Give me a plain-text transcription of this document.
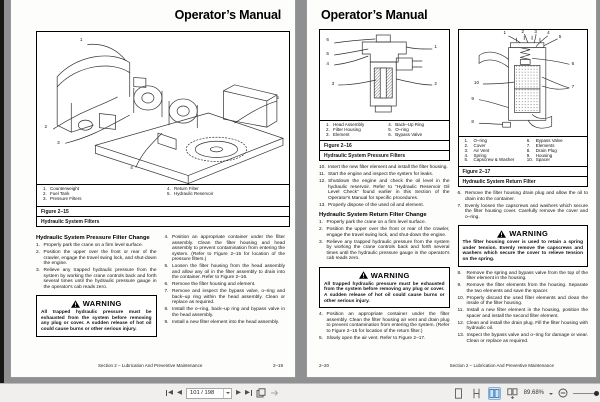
Operator’s Manual
1
2
3
4
5
1. Counterweight
2. Fuel Tank
3. Pressure Filters
4. Return Filter
5. Hydraulic Reservoir
Figure 2–15
Hydraulic System Filters
Hydraulic System Pressure Filter Change
1. Properly park the crane on a firm level surface.
2. Position the upper over the front or rear of the crawler, engage the travel swing lock, and shut-down the engine.
3. Relieve any trapped hydraulic pressure from the system by working the crane controls back and forth several times until the hydraulic pressure gauge in the operator's cab reads zero.
WARNING

All trapped hydraulic pressure must be exhausted from the system before removing any plug or cover. A sudden release of hot oil could cause burns or other serious injury.

4. Position an appropriate container under the filter assembly. Clean the filter housing and head assembly to prevent contamination from entering the system. (Refer to Figure 2–15 for location of the pressure filters.)
5. Loosen the filter housing from the head assembly and allow any oil in the filter assembly to drain into the container. Refer to Figure 2–16.
6. Remove the filter housing and element.
7. Remove and inspect the bypass valve, o–ring and back–up ring within the head assembly. Clean or replace as required.
8. Install the o–ring, back–up ring and bypass valve in the head assembly.
9. Install a new filter element into the head assembly.
Section 2 – Lubrication And Preventive Maintenance	2–19
Operator’s Manual
6
5
4
1
3	2
1. Head Assembly
2. Filter Housing
3. Element
4. Back–Up Ring
5. O–ring
6. Bypass Valve
Figure 2–16
Hydraulic System Pressure Filters
10. Insert the new filter element and install the filter housing.
11. Start the engine and inspect the system for leaks.
12. Shutdown the engine and check the oil level in the hydraulic reservoir. Refer to “Hydraulic Reservoir Oil Level Check” found earlier in this Section of the Operator's Manual for specific procedures.
13. Properly dispose of the used oil and element.
Hydraulic System Return Filter Change
1. Properly park the crane on a firm level surface.
2. Position the upper over the front or rear of the crawler, engage the travel swing lock, and shut-down the engine.
3. Relieve any trapped hydraulic pressure from the system by working the crane controls back and forth several times until the hydraulic pressure gauge in the operator's cab reads zero.
WARNING

All trapped hydraulic pressure must be exhausted from the system before removing any plug or cover. A sudden release of hot oil could cause burns or other serious injury.

4. Position an appropriate container under the filter assembly. Clean the filter housing air vent and drain plug to prevent contamination from entering the system. (Refer to Figure 2–15 for location of the return filter.)
5. Slowly open the air vent. Refer to Figure 2–17.
1	2 3 4
5
6
7
10
9
8
1.	O–ring
2.	Cover
3.	Air Vent
4.	Spring
5.	Capscrew & Washer
6.	Bypass Valve
7.	Elements
8.	Drain Plug
9.	Housing
10. Spacer
Figure 2–17
Hydraulic System Return Filter
6. Remove the filter housing drain plug and allow the oil to drain into the container.
7. Evenly loosen the capscrews and washers which secure the filter housing cover. Carefully remove the cover and o–ring.
WARNING

The filter housing cover is used to retain a spring under tension. Evenly remove the capscrews and washers which secure the cover to relieve tension on the spring.

8.	Remove the spring and bypass valve from the top of the filter element in the housing.
9.	Remove the filter elements from the housing. Separate the two elements and save the spacer.
10. Properly discard the used filter elements and clean the inside of the filter housing.
11. Install a new filter element in the housing, position the spacer and install the second filter element.
12. Clean and install the drain plug. Fill the filter housing with hydraulic oil.
13. Inspect the bypass valve and o–ring for damage or wear. Clean or replace as required.
2–20	Section 2 – Lubrication And Preventive Maintenance
◀ ◀
101 / 198	▶ ▶	89.68%
